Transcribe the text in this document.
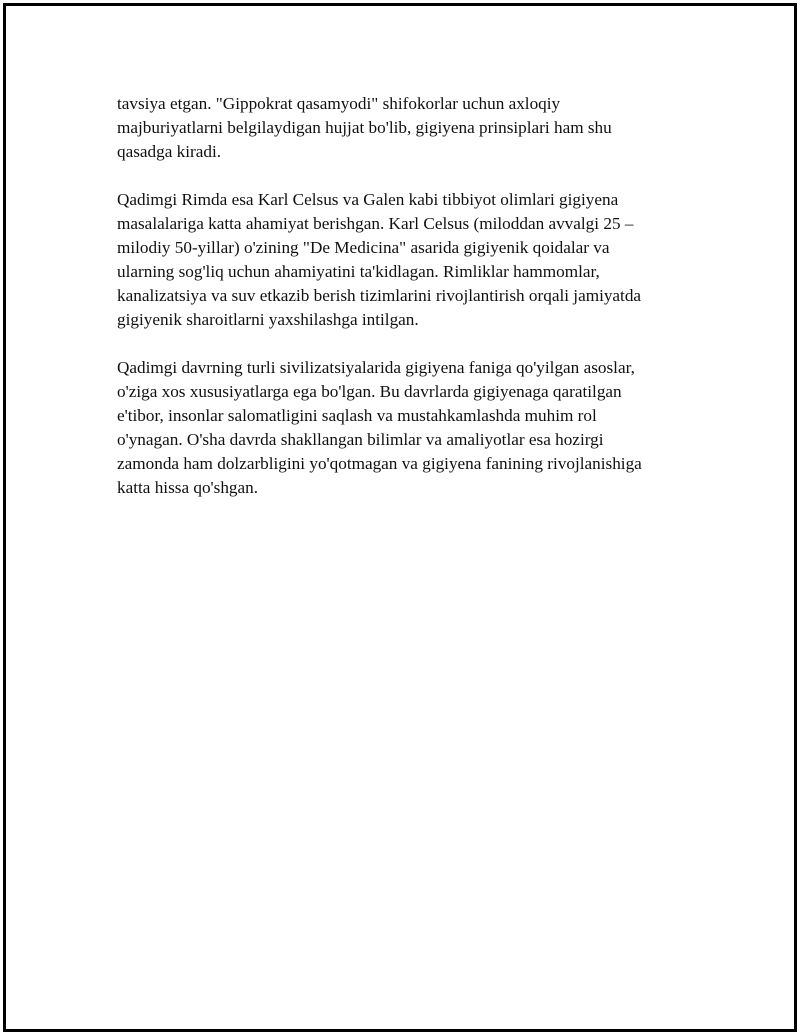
tavsiya etgan. "Gippokrat qasamyodi" shifokorlar uchun axloqiy
majburiyatlarni belgilaydigan hujjat bo'lib, gigiyena prinsiplari ham shu
qasadga kiradi.

Qadimgi Rimda esa Karl Celsus va Galen kabi tibbiyot olimlari gigiyena
masalalariga katta ahamiyat berishgan. Karl Celsus (miloddan avvalgi 25 –
milodiy 50-yillar) o'zining "De Medicina" asarida gigiyenik qoidalar va
ularning sog'liq uchun ahamiyatini ta'kidlagan. Rimliklar hammomlar,
kanalizatsiya va suv etkazib berish tizimlarini rivojlantirish orqali jamiyatda
gigiyenik sharoitlarni yaxshilashga intilgan.

Qadimgi davrning turli sivilizatsiyalarida gigiyena faniga qo'yilgan asoslar,
o'ziga xos xususiyatlarga ega bo'lgan. Bu davrlarda gigiyenaga qaratilgan
e'tibor, insonlar salomatligini saqlash va mustahkamlashda muhim rol
o'ynagan. O'sha davrda shakllangan bilimlar va amaliyotlar esa hozirgi
zamonda ham dolzarbligini yo'qotmagan va gigiyena fanining rivojlanishiga
katta hissa qo'shgan.
